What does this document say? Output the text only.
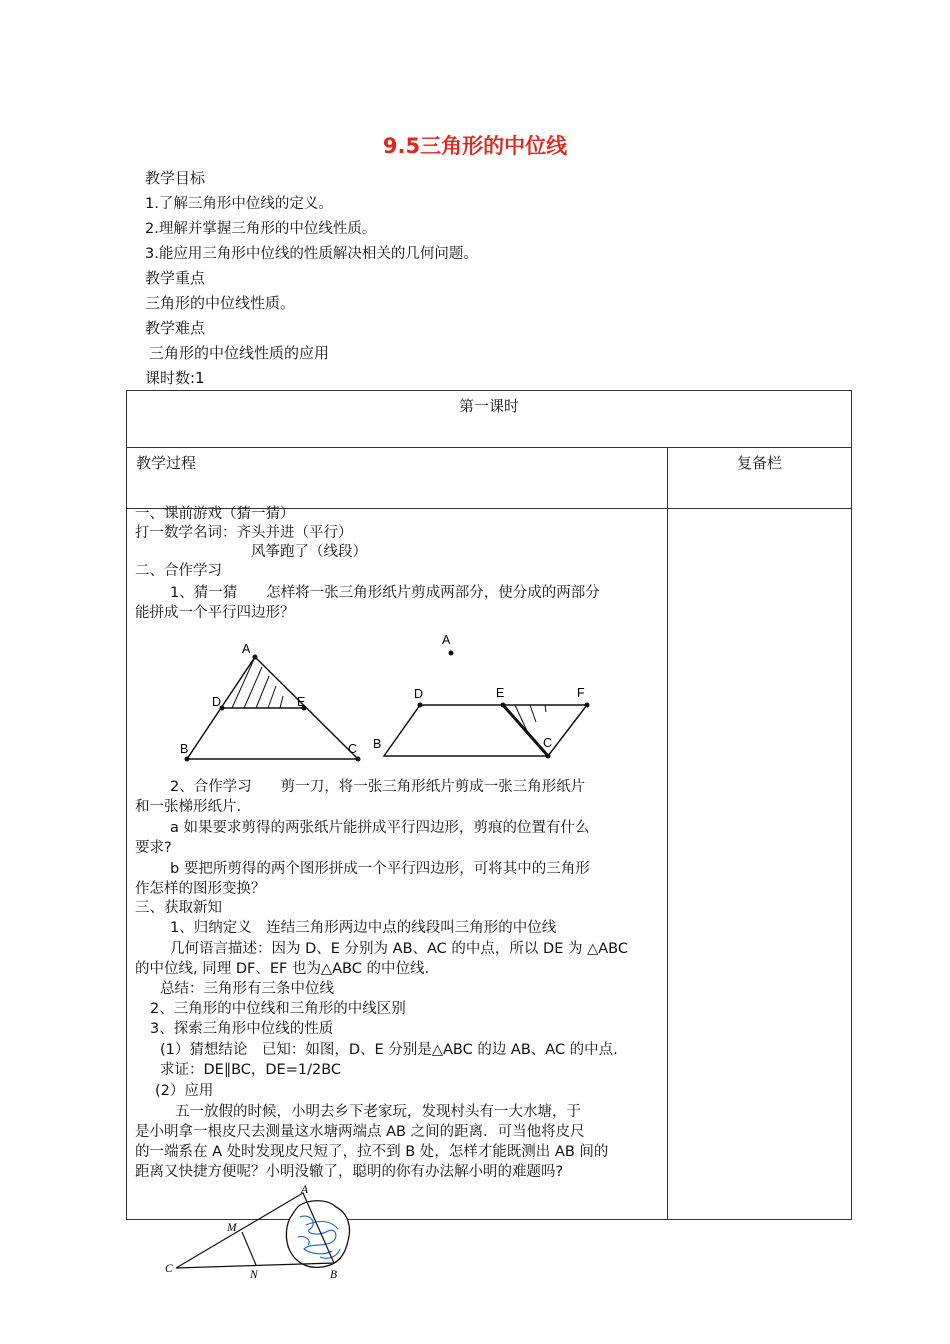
9.5三角形的中位线
教学目标
1.了解三角形中位线的定义。
2.理解并掌握三角形的中位线性质。
3.能应用三角形中位线的性质解决相关的几何问题。
教学重点
三角形的中位线性质。
教学难点
三角形的中位线性质的应用
课时数:1
第一课时	
教学过程	复备栏

一、课前游戏（猜一猜）
打一数学名词：齐头并进（平行）
风筝跑了（线段）
二、合作学习
1、猜一猜　　怎样将一张三角形纸片剪成两部分，使分成的两部分
能拼成一个平行四边形？
A
D	E
B	C
A
D	E	F
C
B
2、合作学习　　剪一刀，将一张三角形纸片剪成一张三角形纸片
和一张梯形纸片.
a 如果要求剪得的两张纸片能拼成平行四边形，剪痕的位置有什么
要求?
b 要把所剪得的两个图形拼成一个平行四边形，可将其中的三角形
作怎样的图形变换？
三、获取新知
1、归纳定义　连结三角形两边中点的线段叫三角形的中位线
几何语言描述：因为 D、E 分别为 AB、AC 的中点，所以 DE 为 △ABC
的中位线, 同理 DF、EF 也为△ABC 的中位线.
总结：三角形有三条中位线
2、三角形的中位线和三角形的中线区别
3、探索三角形中位线的性质
(1）猜想结论　已知：如图，D、E 分别是△ABC 的边 AB、AC 的中点.
求证：DE∥BC，DE=1/2BC
(2）应用
五一放假的时候，小明去乡下老家玩，发现村头有一大水塘，于
是小明拿一根皮尺去测量这水塘两端点 AB 之间的距离．可当他将皮尺
的一端系在 A 处时发现皮尺短了，拉不到 B 处，怎样才能既测出 AB 间的
距离又快捷方便呢？小明没辙了，聪明的你有办法解小明的难题吗?
A
M
C	N	B
